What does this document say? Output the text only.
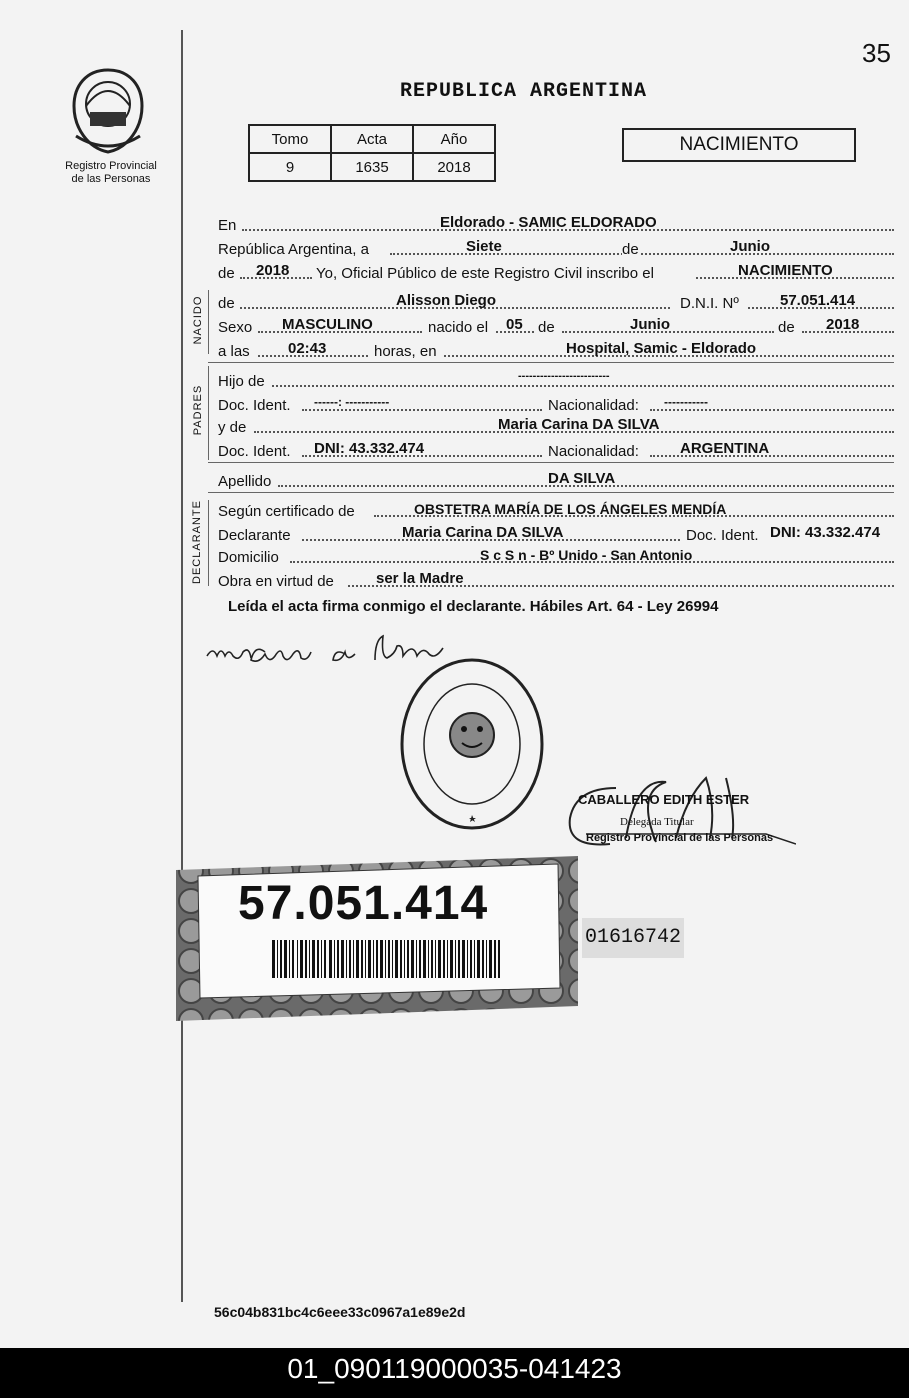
35
Registro Provincial
de las Personas
REPUBLICA ARGENTINA
Tomo	Acta	Año
9	1635	2018
NACIMIENTO
En	Eldorado - SAMIC ELDORADO
República Argentina, a	Siete	de	Junio
de 2018 Yo, Oficial Público de este Registro Civil inscribo el	NACIMIENTO
NACIDO de	Alisson Diego	D.N.I. Nº	57.051.414
Sexo MASCULINO	nacido el 05 de	Junio	de 2018
a las	02:43	horas, en	Hospital, Samic - Eldorado
PADRES
Hijo de	-------------------------
Doc. Ident. ------: -----------	Nacionalidad: -----------
y de	Maria Carina DA SILVA
Doc. Ident. DNI: 43.332.474	Nacionalidad:	ARGENTINA
Apellido	DA SILVA
DECLARANTE Según certificado de	OBSTETRA MARÍA DE LOS ÁNGELES MENDÍA
Declarante	Maria Carina DA SILVA	Doc. Ident. DNI: 43.332.474
Domicilio	S c S n - Bº Unido - San Antonio
Obra en virtud de	ser la Madre
Leída el acta firma conmigo el declarante. Hábiles Art. 64 - Ley 26994
CABALLERO EDITH ESTER
Delegada Titular
Registro Provincial de las Personas
57.051.414
01616742
56c04b831bc4c6eee33c0967a1e89e2d
01_090119000035-041423
